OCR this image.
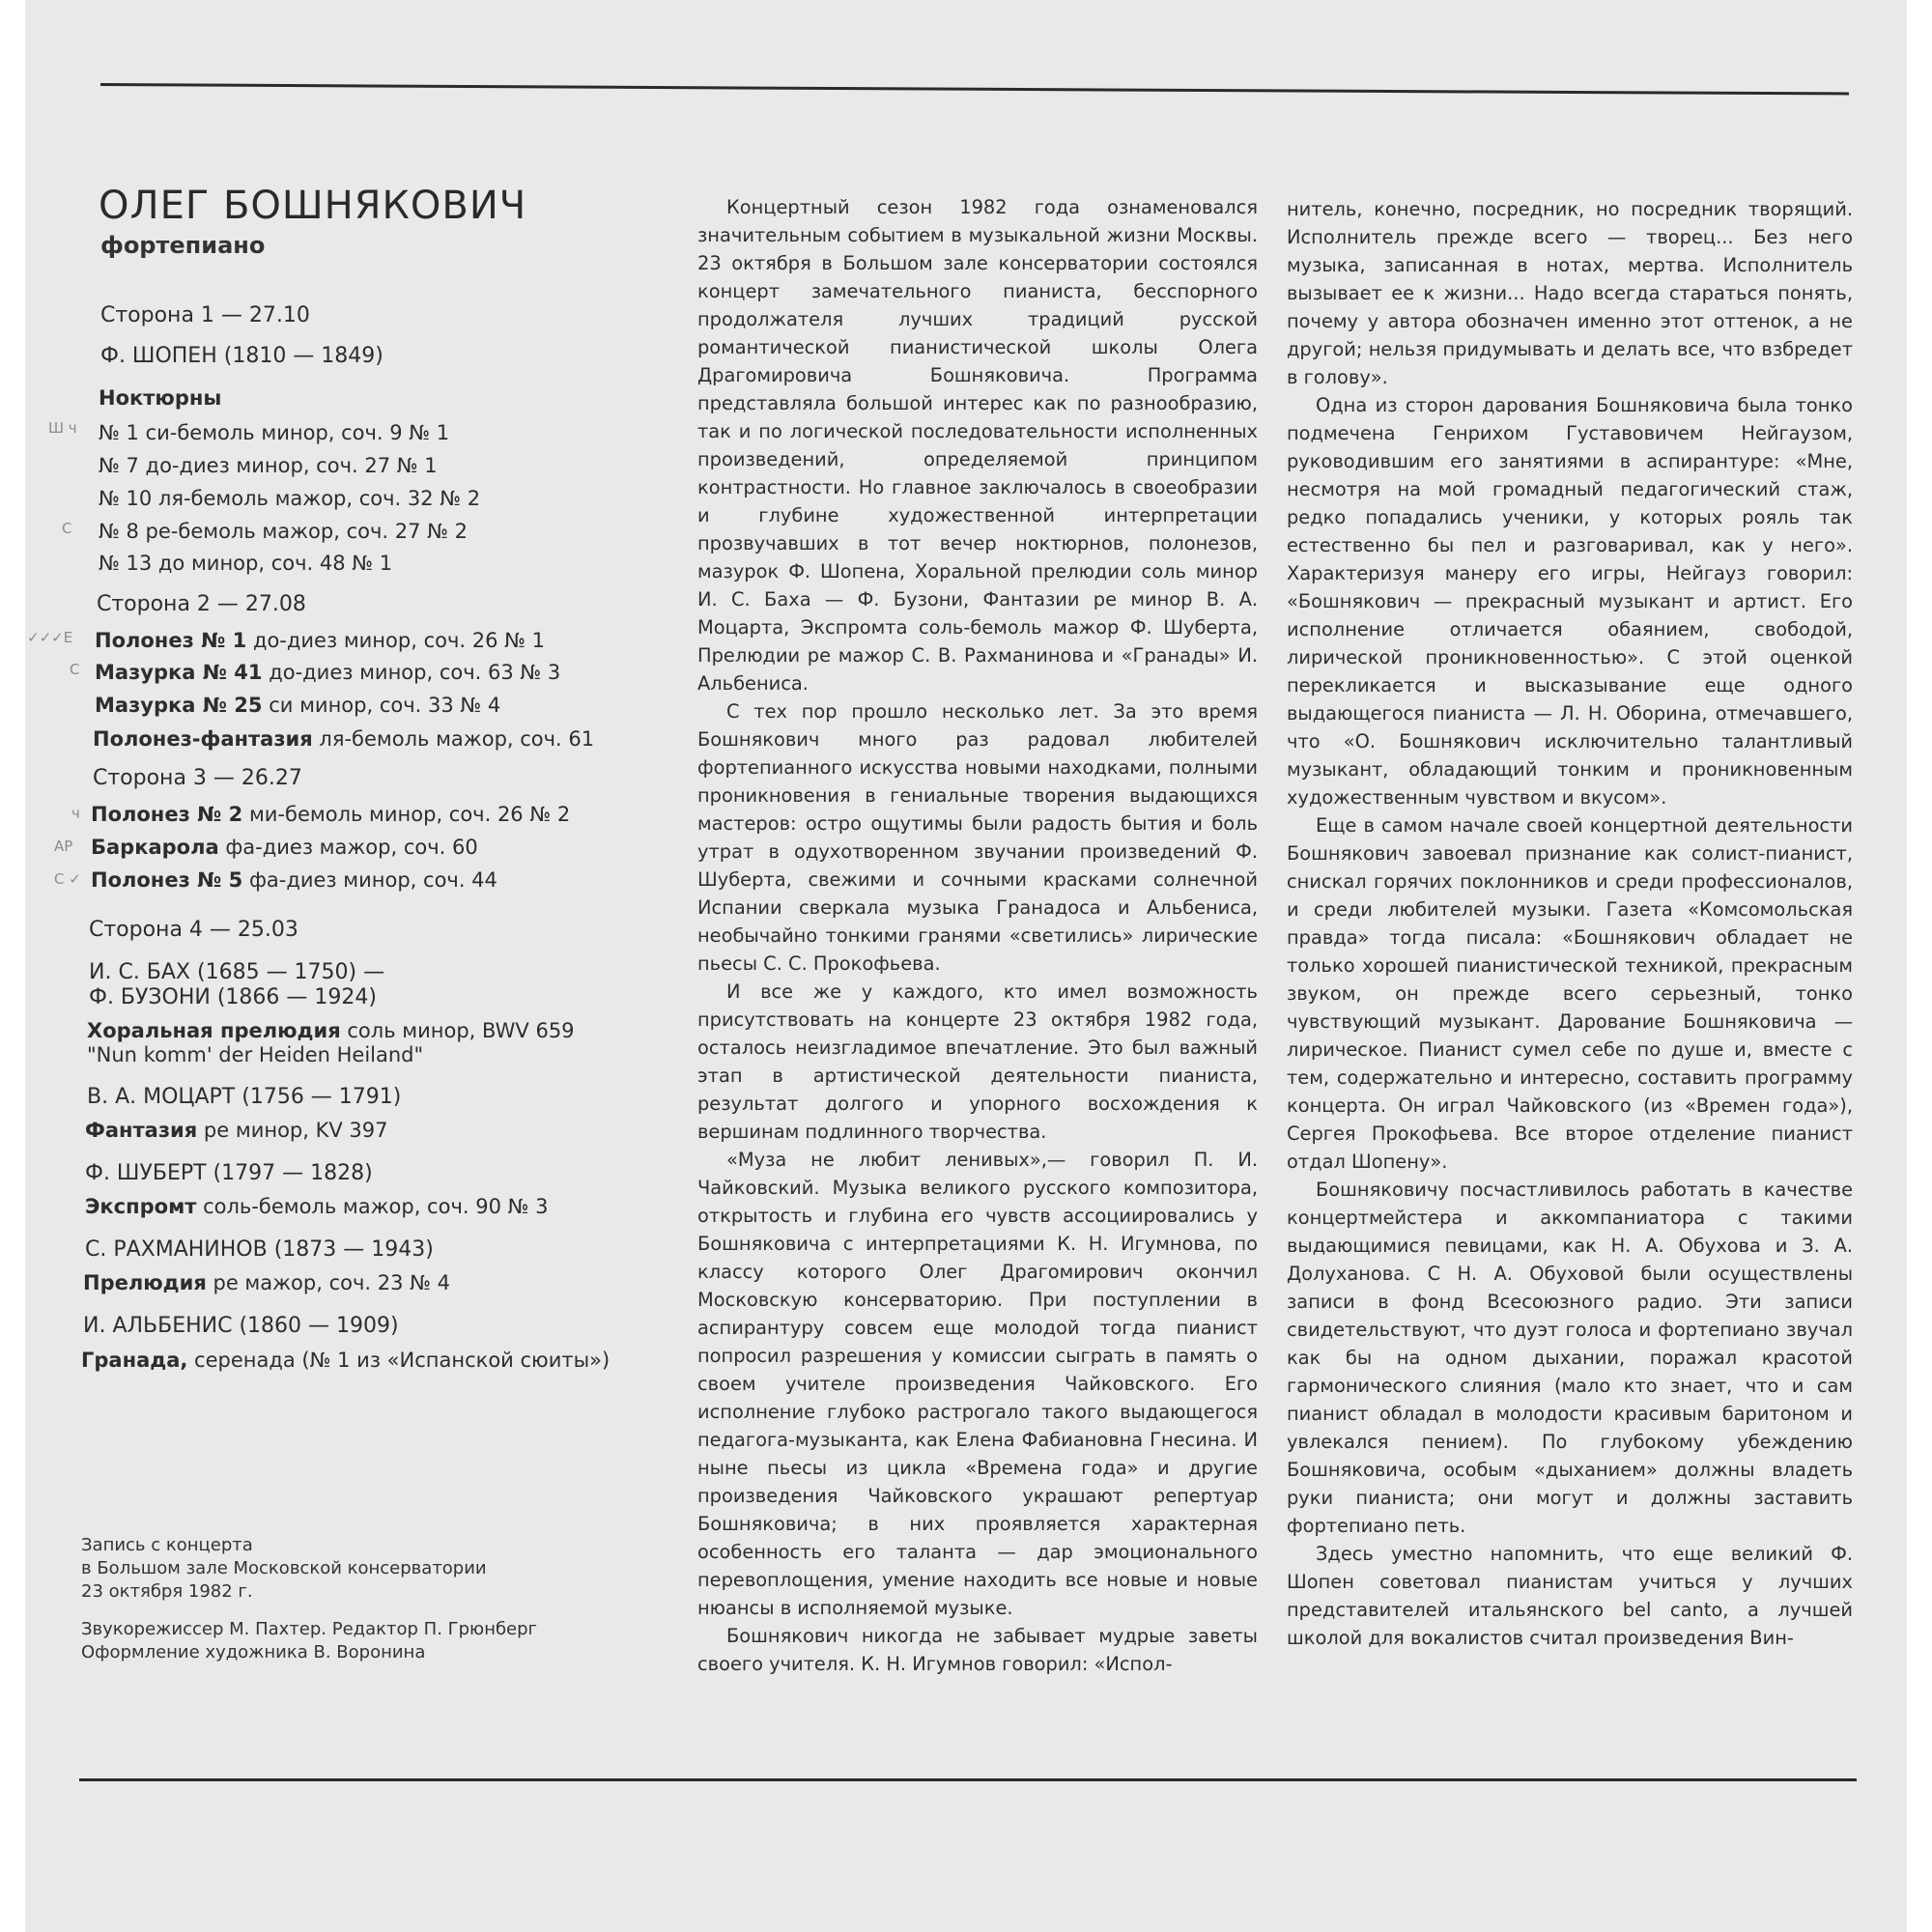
ОЛЕГ БОШНЯКОВИЧ
фортепиано
Сторона 1 — 27.10
Ф. ШОПЕН (1810 — 1849)
Ноктюрны
№ 1 си-бемоль минор, соч. 9 № 1
№ 7 до-диез минор, соч. 27 № 1
№ 10 ля-бемоль мажор, соч. 32 № 2
№ 8 ре-бемоль мажор, соч. 27 № 2
№ 13 до минор, соч. 48 № 1
Сторона 2 — 27.08
Полонез № 1 до-диез минор, соч. 26 № 1
Мазурка № 41 до-диез минор, соч. 63 № 3
Мазурка № 25 си минор, соч. 33 № 4
Полонез-фантазия ля-бемоль мажор, соч. 61
Сторона 3 — 26.27
Полонез № 2 ми-бемоль минор, соч. 26 № 2
Баркарола фа-диез мажор, соч. 60
Полонез № 5 фа-диез минор, соч. 44
Сторона 4 — 25.03
И. С. БАХ (1685 — 1750) —
Ф. БУЗОНИ (1866 — 1924)
Хоральная прелюдия соль минор, BWV 659
"Nun komm' der Heiden Heiland"
В. А. МОЦАРТ (1756 — 1791)
Фантазия ре минор, KV 397
Ф. ШУБЕРТ (1797 — 1828)
Экспромт соль-бемоль мажор, соч. 90 № 3
С. РАХМАНИНОВ (1873 — 1943)
Прелюдия ре мажор, соч. 23 № 4
И. АЛЬБЕНИС (1860 — 1909)
Гранада, серенада (№ 1 из «Испанской сюиты»)
Ш ч
С
✓✓✓Е
С
ч
АР
С ✓
Запись с концерта
в Большом зале Московской консерватории
23 октября 1982 г.
Звукорежиссер М. Пахтер. Редактор П. Грюнберг
Оформление художника В. Воронина

Концертный сезон 1982 года ознаменовался значительным событием в музыкальной жизни Москвы. 23 октября в Большом зале консерватории состоялся концерт замечательного пианиста, бесспорного продолжателя лучших традиций русской романтической пианистической школы Олега Драгомировича Бошняковича. Программа представляла большой интерес как по разнообразию, так и по логической последовательности исполненных произведений, определяемой принципом контрастности. Но главное заключалось в своеобразии и глубине художественной интерпретации прозвучавших в тот вечер ноктюрнов, полонезов, мазурок Ф. Шопена, Хоральной прелюдии соль минор И. С. Баха — Ф. Бузони, Фантазии ре минор В. А. Моцарта, Экспромта соль-бемоль мажор Ф. Шуберта, Прелюдии ре мажор С. В. Рахманинова и «Гранады» И. Альбениса.

С тех пор прошло несколько лет. За это время Бошнякович много раз радовал любителей фортепианного искусства новыми находками, полными проникновения в гениальные творения выдающихся мастеров: остро ощутимы были радость бытия и боль утрат в одухотворенном звучании произведений Ф. Шуберта, свежими и сочными красками солнечной Испании сверкала музыка Гранадоса и Альбениса, необычайно тонкими гранями «светились» лирические пьесы С. С. Прокофьева.

И все же у каждого, кто имел возможность присутствовать на концерте 23 октября 1982 года, осталось неизгладимое впечатление. Это был важный этап в артистической деятельности пианиста, результат долгого и упорного восхождения к вершинам подлинного творчества.

«Муза не любит ленивых»,— говорил П. И. Чайковский. Музыка великого русского композитора, открытость и глубина его чувств ассоциировались у Бошняковича с интерпретациями К. Н. Игумнова, по классу которого Олег Драгомирович окончил Московскую консерваторию. При поступлении в аспирантуру совсем еще молодой тогда пианист попросил разрешения у комиссии сыграть в память о своем учителе произведения Чайковского. Его исполнение глубоко растрогало такого выдающегося педагога-музыканта, как Елена Фабиановна Гнесина. И ныне пьесы из цикла «Времена года» и другие произведения Чайковского украшают репертуар Бошняковича; в них проявляется характерная особенность его таланта — дар эмоционального перевоплощения, умение находить все новые и новые нюансы в исполняемой музыке.

Бошнякович никогда не забывает мудрые заветы своего учителя. К. Н. Игумнов говорил: «Испол-

нитель, конечно, посредник, но посредник творящий. Исполнитель прежде всего — творец... Без него музыка, записанная в нотах, мертва. Исполнитель вызывает ее к жизни... Надо всегда стараться понять, почему у автора обозначен именно этот оттенок, а не другой; нельзя придумывать и делать все, что взбредет в голову».

Одна из сторон дарования Бошняковича была тонко подмечена Генрихом Густавовичем Нейгаузом, руководившим его занятиями в аспирантуре: «Мне, несмотря на мой громадный педагогический стаж, редко попадались ученики, у которых рояль так естественно бы пел и разговаривал, как у него». Характеризуя манеру его игры, Нейгауз говорил: «Бошнякович — прекрасный музыкант и артист. Его исполнение отличается обаянием, свободой, лирической проникновенностью». С этой оценкой перекликается и высказывание еще одного выдающегося пианиста — Л. Н. Оборина, отмечавшего, что «О. Бошнякович исключительно талантливый музыкант, обладающий тонким и проникновенным художественным чувством и вкусом».

Еще в самом начале своей концертной деятельности Бошнякович завоевал признание как солист-пианист, снискал горячих поклонников и среди профессионалов, и среди любителей музыки. Газета «Комсомольская правда» тогда писала: «Бошнякович обладает не только хорошей пианистической техникой, прекрасным звуком, он прежде всего серьезный, тонко чувствующий музыкант. Дарование Бошняковича — лирическое. Пианист сумел себе по душе и, вместе с тем, содержательно и интересно, составить программу концерта. Он играл Чайковского (из «Времен года»), Сергея Прокофьева. Все второе отделение пианист отдал Шопену».

Бошняковичу посчастливилось работать в качестве концертмейстера и аккомпаниатора с такими выдающимися певицами, как Н. А. Обухова и З. А. Долуханова. С Н. А. Обуховой были осуществлены записи в фонд Всесоюзного радио. Эти записи свидетельствуют, что дуэт голоса и фортепиано звучал как бы на одном дыхании, поражал красотой гармонического слияния (мало кто знает, что и сам пианист обладал в молодости красивым баритоном и увлекался пением). По глубокому убеждению Бошняковича, особым «дыханием» должны владеть руки пианиста; они могут и должны заставить фортепиано петь.

Здесь уместно напомнить, что еще великий Ф. Шопен советовал пианистам учиться у лучших представителей итальянского bel canto, а лучшей школой для вокалистов считал произведения Вин-
